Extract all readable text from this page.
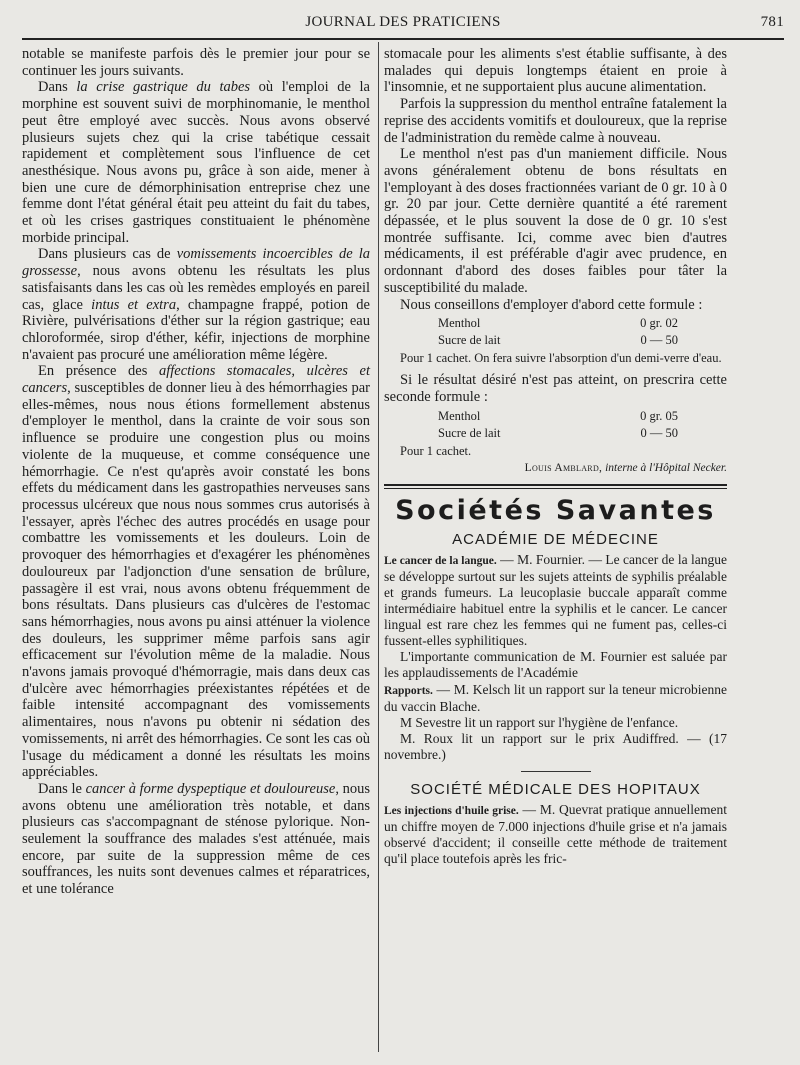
JOURNAL DES PRATICIENS	781

notable se manifeste parfois dès le premier jour pour se continuer les jours suivants.

Dans la crise gastrique du tabes où l'emploi de la morphine est souvent suivi de morphinomanie, le menthol peut être employé avec succès. Nous avons observé plusieurs sujets chez qui la crise tabétique cessait rapidement et complètement sous l'influence de cet anesthésique. Nous avons pu, grâce à son aide, mener à bien une cure de démorphinisation entreprise chez une femme dont l'état général était peu atteint du fait du tabes, et où les crises gastriques constituaient le phénomène morbide principal.

Dans plusieurs cas de vomissements incoercibles de la grossesse, nous avons obtenu les résultats les plus satisfaisants dans les cas où les remèdes employés en pareil cas, glace intus et extra, champagne frappé, potion de Rivière, pulvérisations d'éther sur la région gastrique; eau chloroformée, sirop d'éther, kéfir, injections de morphine n'avaient pas procuré une amélioration même légère.

En présence des affections stomacales, ulcères et cancers, susceptibles de donner lieu à des hémorrhagies par elles-mêmes, nous nous étions formellement abstenus d'employer le menthol, dans la crainte de voir sous son influence se produire une congestion plus ou moins violente de la muqueuse, et comme conséquence une hémorrhagie. Ce n'est qu'après avoir constaté les bons effets du médicament dans les gastropathies nerveuses sans processus ulcéreux que nous nous sommes crus autorisés à l'essayer, après l'échec des autres procédés en usage pour combattre les vomissements et les douleurs. Loin de provoquer des hémorrhagies et d'exagérer les phénomènes douloureux par l'adjonction d'une sensation de brûlure, passagère il est vrai, nous avons obtenu fréquemment de bons résultats. Dans plusieurs cas d'ulcères de l'estomac sans hémorrhagies, nous avons pu ainsi atténuer la violence des douleurs, les supprimer même parfois sans agir efficacement sur l'évolution même de la maladie. Nous n'avons jamais provoqué d'hémorragie, mais dans deux cas d'ulcère avec hémorrhagies préexistantes répétées et de faible intensité accompagnant des vomissements alimentaires, nous n'avons pu obtenir ni sédation des vomissements, ni arrêt des hémorrhagies. Ce sont les cas où l'usage du médicament a donné les résultats les moins appréciables.

Dans le cancer à forme dyspeptique et douloureuse, nous avons obtenu une amélioration très notable, et dans plusieurs cas s'accompagnant de sténose pylorique. Non-seulement la souffrance des malades s'est atténuée, mais encore, par suite de la suppression même de ces souffrances, les nuits sont devenues calmes et réparatrices, et une tolérance

stomacale pour les aliments s'est établie suffisante, à des malades qui depuis longtemps étaient en proie à l'insomnie, et ne supportaient plus aucune alimentation.

Parfois la suppression du menthol entraîne fatalement la reprise des accidents vomitifs et douloureux, que la reprise de l'administration du remède calme à nouveau.

Le menthol n'est pas d'un maniement difficile. Nous avons généralement obtenu de bons résultats en l'employant à des doses fractionnées variant de 0 gr. 10 à 0 gr. 20 par jour. Cette dernière quantité a été rarement dépassée, et le plus souvent la dose de 0 gr. 10 s'est montrée suffisante. Ici, comme avec bien d'autres médicaments, il est préférable d'agir avec prudence, en ordonnant d'abord des doses faibles pour tâter la susceptibilité du malade.

Nous conseillons d'employer d'abord cette formule :

Menthol	0 gr. 02
Sucre de lait	0 — 50

Pour 1 cachet. On fera suivre l'absorption d'un demi-verre d'eau.

Si le résultat désiré n'est pas atteint, on prescrira cette seconde formule :

Menthol	0 gr. 05
Sucre de lait	0 — 50

Pour 1 cachet.

Louis Amblard, interne à l'Hôpital Necker.
Sociétés Savantes
ACADÉMIE DE MÉDECINE

Le cancer de la langue. — M. Fournier. — Le cancer de la langue se développe surtout sur les sujets atteints de syphilis préalable et grands fumeurs. La leucoplasie buccale apparaît comme intermédiaire habituel entre la syphilis et le cancer. Le cancer lingual est rare chez les femmes qui ne fument pas, celles-ci fussent-elles syphilitiques.

L'importante communication de M. Fournier est saluée par les applaudissements de l'Académie

Rapports. — M. Kelsch lit un rapport sur la teneur microbienne du vaccin Blache.

M Sevestre lit un rapport sur l'hygiène de l'enfance.

M. Roux lit un rapport sur le prix Audiffred. — (17 novembre.)

SOCIÉTÉ MÉDICALE DES HOPITAUX

Les injections d'huile grise. — M. Quevrat pratique annuellement un chiffre moyen de 7.000 injections d'huile grise et n'a jamais observé d'accident; il conseille cette méthode de traitement qu'il place toutefois après les fric-
